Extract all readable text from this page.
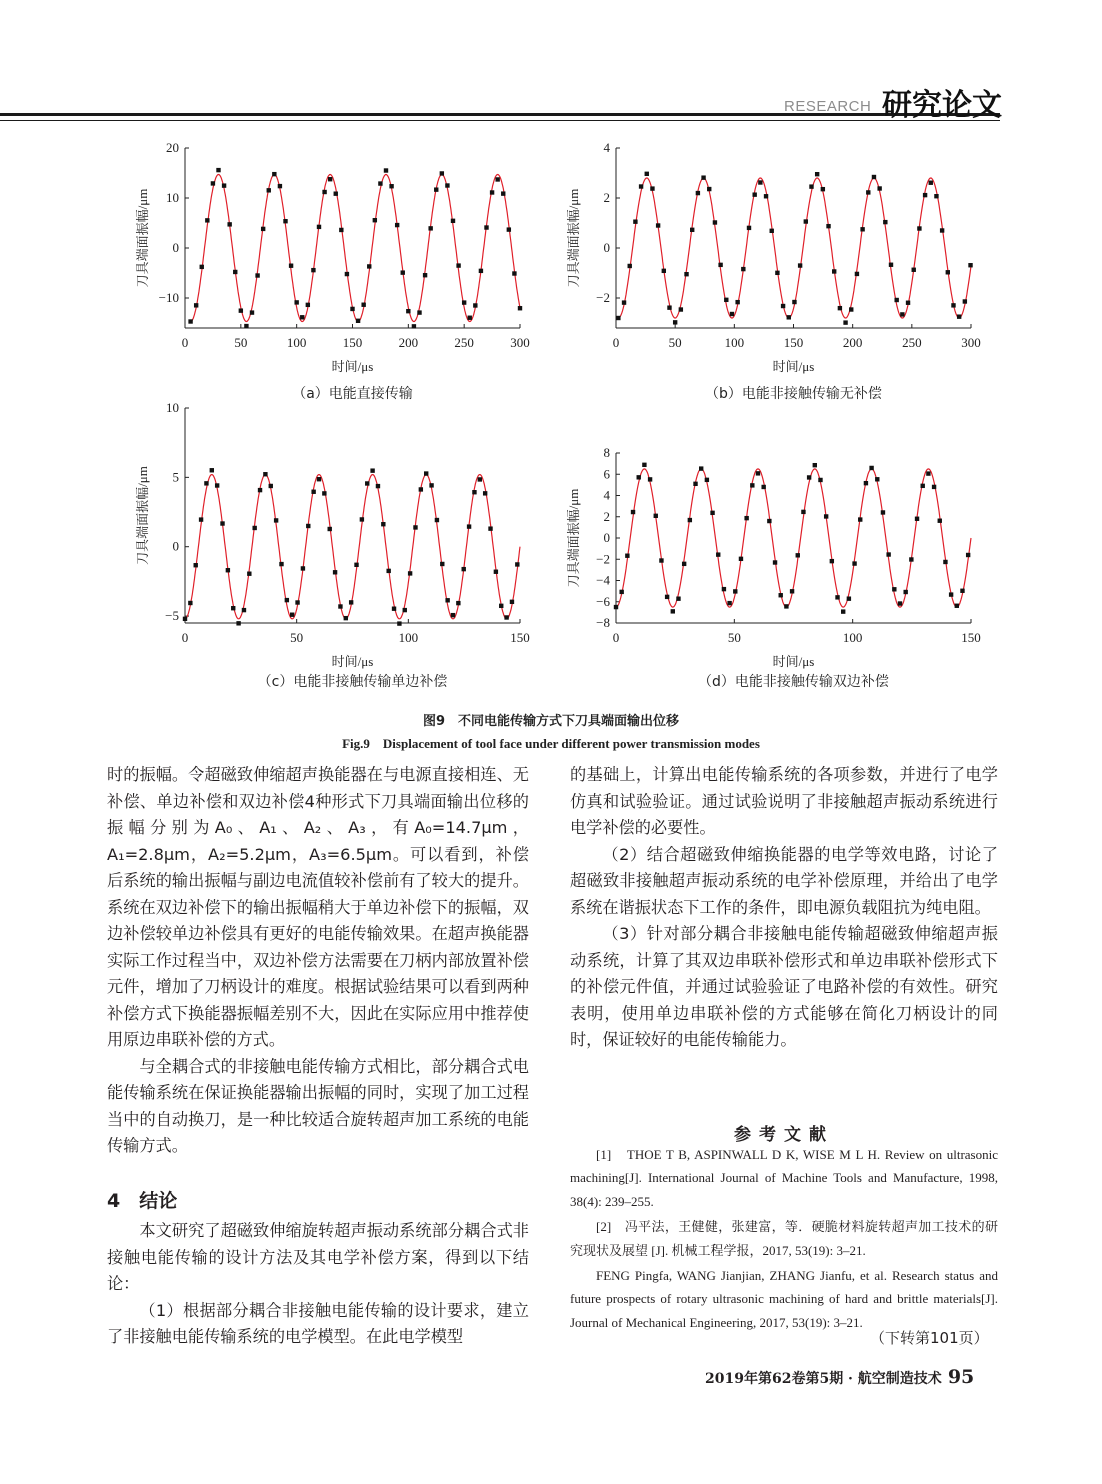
RESEARCH 研究论文
0	50	100	150	200	250	300
−10
0
10
20
时间/μs
刀具端面振幅/μm
0	50	100	150	200	250	300
−2
0
2
4
时间/μs
刀具端面振幅/μm
0	50	100	150
−5
0
5
10
时间/μs
刀具端面振幅/μm
0	50	100	150
−8
−6
−4
−2
0
2
4
6
8
时间/μs
刀具端面振幅/μm
（a）电能直接传输	（b）电能非接触传输无补偿
（c）电能非接触传输单边补偿	（d）电能非接触传输双边补偿
图9　不同电能传输方式下刀具端面输出位移
Fig.9　Displacement of tool face under different power transmission modes

时的振幅。令超磁致伸缩超声换能器在与电源直接相连、无补偿、单边补偿和双边补偿4种形式下刀具端面输出位移的振幅分别为A₀、A₁、A₂、A₃，有A₀=14.7μm，A₁=2.8μm，A₂=5.2μm，A₃=6.5μm。可以看到，补偿后系统的输出振幅与副边电流值较补偿前有了较大的提升。系统在双边补偿下的输出振幅稍大于单边补偿下的振幅，双边补偿较单边补偿具有更好的电能传输效果。在超声换能器实际工作过程当中，双边补偿方法需要在刀柄内部放置补偿元件，增加了刀柄设计的难度。根据试验结果可以看到两种补偿方式下换能器振幅差别不大，因此在实际应用中推荐使用原边串联补偿的方式。

与全耦合式的非接触电能传输方式相比，部分耦合式电能传输系统在保证换能器输出振幅的同时，实现了加工过程当中的自动换刀，是一种比较适合旋转超声加工系统的电能传输方式。

4　结论

本文研究了超磁致伸缩旋转超声振动系统部分耦合式非接触电能传输的设计方法及其电学补偿方案，得到以下结论：

（1）根据部分耦合非接触电能传输的设计要求，建立了非接触电能传输系统的电学模型。在此电学模型

的基础上，计算出电能传输系统的各项参数，并进行了电学仿真和试验验证。通过试验说明了非接触超声振动系统进行电学补偿的必要性。

（2）结合超磁致伸缩换能器的电学等效电路，讨论了超磁致非接触超声振动系统的电学补偿原理，并给出了电学系统在谐振状态下工作的条件，即电源负载阻抗为纯电阻。

（3）针对部分耦合非接触电能传输超磁致伸缩超声振动系统，计算了其双边串联补偿形式和单边串联补偿形式下的补偿元件值，并通过试验验证了电路补偿的有效性。研究表明，使用单边串联补偿的方式能够在简化刀柄设计的同时，保证较好的电能传输能力。

参考文献

[1]　THOE T B, ASPINWALL D K, WISE M L H. Review on ultrasonic machining[J]. International Journal of Machine Tools and Manufacture, 1998, 38(4): 239–255.

[2]　冯平法，王健健，张建富，等．硬脆材料旋转超声加工技术的研究现状及展望 [J]. 机械工程学报，2017, 53(19): 3–21.

FENG Pingfa, WANG Jianjian, ZHANG Jianfu, et al. Research status and future prospects of rotary ultrasonic machining of hard and brittle materials[J]. Journal of Mechanical Engineering, 2017, 53(19): 3–21.

（下转第101页）
2019年第62卷第5期 · 航空制造技术 95
